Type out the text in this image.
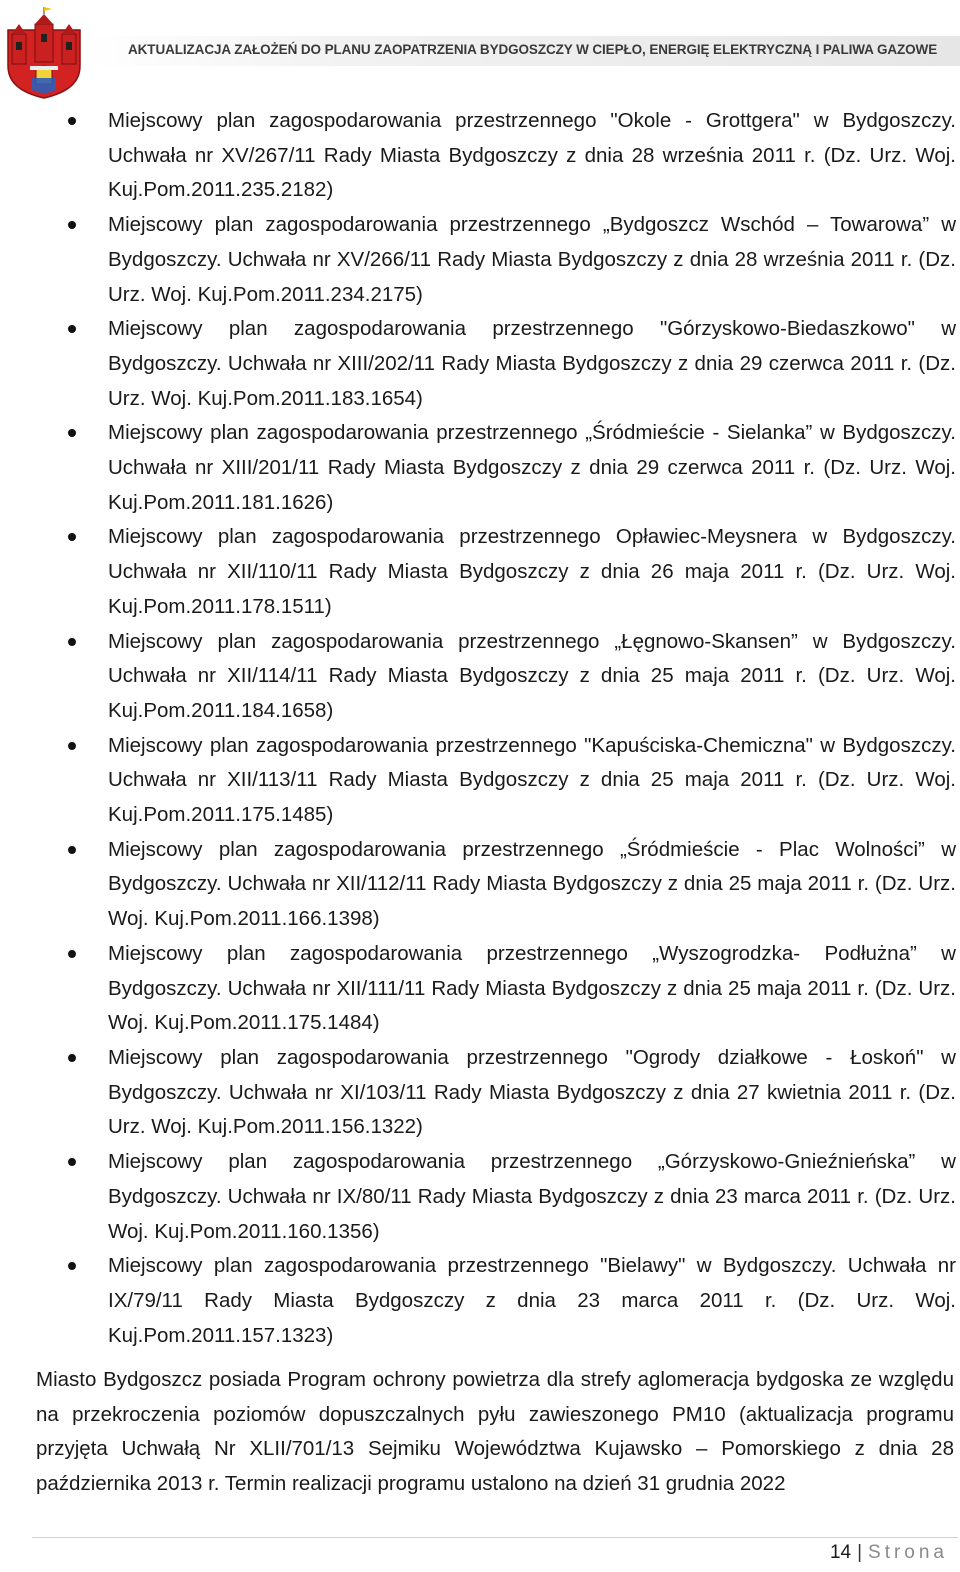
AKTUALIZACJA ZAŁOŻEŃ DO PLANU ZAOPATRZENIA BYDGOSZCZY W CIEPŁO, ENERGIĘ ELEKTRYCZNĄ I PALIWA GAZOWE
Miejscowy plan zagospodarowania przestrzennego "Okole - Grottgera" w Bydgoszczy. Uchwała nr XV/267/11 Rady Miasta Bydgoszczy z dnia 28 września 2011 r. (Dz. Urz. Woj. Kuj.Pom.2011.235.2182)
Miejscowy plan zagospodarowania przestrzennego „Bydgoszcz Wschód – Towarowa” w Bydgoszczy. Uchwała nr XV/266/11 Rady Miasta Bydgoszczy z dnia 28 września 2011 r. (Dz. Urz. Woj. Kuj.Pom.2011.234.2175)
Miejscowy plan zagospodarowania przestrzennego "Górzyskowo-Biedaszkowo" w Bydgoszczy. Uchwała nr XIII/202/11 Rady Miasta Bydgoszczy z dnia 29 czerwca 2011 r. (Dz. Urz. Woj. Kuj.Pom.2011.183.1654)
Miejscowy plan zagospodarowania przestrzennego „Śródmieście - Sielanka” w Bydgoszczy. Uchwała nr XIII/201/11 Rady Miasta Bydgoszczy z dnia 29 czerwca 2011 r. (Dz. Urz. Woj. Kuj.Pom.2011.181.1626)
Miejscowy plan zagospodarowania przestrzennego Opławiec-Meysnera w Bydgoszczy. Uchwała nr XII/110/11 Rady Miasta Bydgoszczy z dnia 26 maja 2011 r. (Dz. Urz. Woj. Kuj.Pom.2011.178.1511)
Miejscowy plan zagospodarowania przestrzennego „Łęgnowo-Skansen” w Bydgoszczy. Uchwała nr XII/114/11 Rady Miasta Bydgoszczy z dnia 25 maja 2011 r. (Dz. Urz. Woj. Kuj.Pom.2011.184.1658)
Miejscowy plan zagospodarowania przestrzennego "Kapuściska-Chemiczna" w Bydgoszczy. Uchwała nr XII/113/11 Rady Miasta Bydgoszczy z dnia 25 maja 2011 r. (Dz. Urz. Woj. Kuj.Pom.2011.175.1485)
Miejscowy plan zagospodarowania przestrzennego „Śródmieście - Plac Wolności” w Bydgoszczy. Uchwała nr XII/112/11 Rady Miasta Bydgoszczy z dnia 25 maja 2011 r. (Dz. Urz. Woj. Kuj.Pom.2011.166.1398)
Miejscowy plan zagospodarowania przestrzennego „Wyszogrodzka- Podłużna” w Bydgoszczy. Uchwała nr XII/111/11 Rady Miasta Bydgoszczy z dnia 25 maja 2011 r. (Dz. Urz. Woj. Kuj.Pom.2011.175.1484)
Miejscowy plan zagospodarowania przestrzennego "Ogrody działkowe - Łoskoń" w Bydgoszczy. Uchwała nr XI/103/11 Rady Miasta Bydgoszczy z dnia 27 kwietnia 2011 r. (Dz. Urz. Woj. Kuj.Pom.2011.156.1322)
Miejscowy plan zagospodarowania przestrzennego „Górzyskowo-Gnieźnieńska” w Bydgoszczy. Uchwała nr IX/80/11 Rady Miasta Bydgoszczy z dnia 23 marca 2011 r. (Dz. Urz. Woj. Kuj.Pom.2011.160.1356)
Miejscowy plan zagospodarowania przestrzennego "Bielawy" w Bydgoszczy. Uchwała nr IX/79/11 Rady Miasta Bydgoszczy z dnia 23 marca 2011 r. (Dz. Urz. Woj. Kuj.Pom.2011.157.1323)

Miasto Bydgoszcz posiada Program ochrony powietrza dla strefy aglomeracja bydgoska ze względu na przekroczenia poziomów dopuszczalnych pyłu zawieszonego PM10 (aktualizacja programu przyjęta Uchwałą Nr XLII/701/13 Sejmiku Województwa Kujawsko – Pomorskiego z dnia 28 października 2013 r. Termin realizacji programu ustalono na dzień 31 grudnia 2022

14 | Strona
